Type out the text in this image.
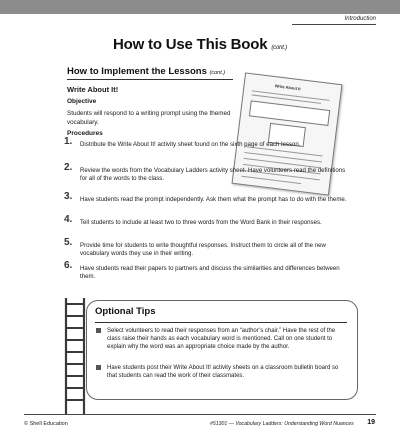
Introduction
How to Use This Book (cont.)
How to Implement the Lessons (cont.)
Write About It!
Objective
Students will respond to a writing prompt using the themed vocabulary.
Procedures
Write About It
1. Distribute the Write About It! activity sheet found on the sixth page of each lesson.
2. Review the words from the Vocabulary Ladders activity sheet. Have volunteers read the definitions for all of the words to the class.
3. Have students read the prompt independently. Ask them what the prompt has to do with the theme.
4. Tell students to include at least two to three words from the Word Bank in their responses.
5. Provide time for students to write thoughtful responses. Instruct them to circle all of the new vocabulary words they use in their writing.
6. Have students read their papers to partners and discuss the similarities and differences between them.
Optional Tips
Select volunteers to read their responses from an “author’s chair.” Have the rest of the class raise their hands as each vocabulary word is mentioned. Call on one student to explain why the word was an appropriate choice made by the author.
Have students post their Write About It! activity sheets on a classroom bulletin board so that students can read the work of their classmates.
© Shell Education	#51301 — Vocabulary Ladders: Understanding Word Nuances 19
